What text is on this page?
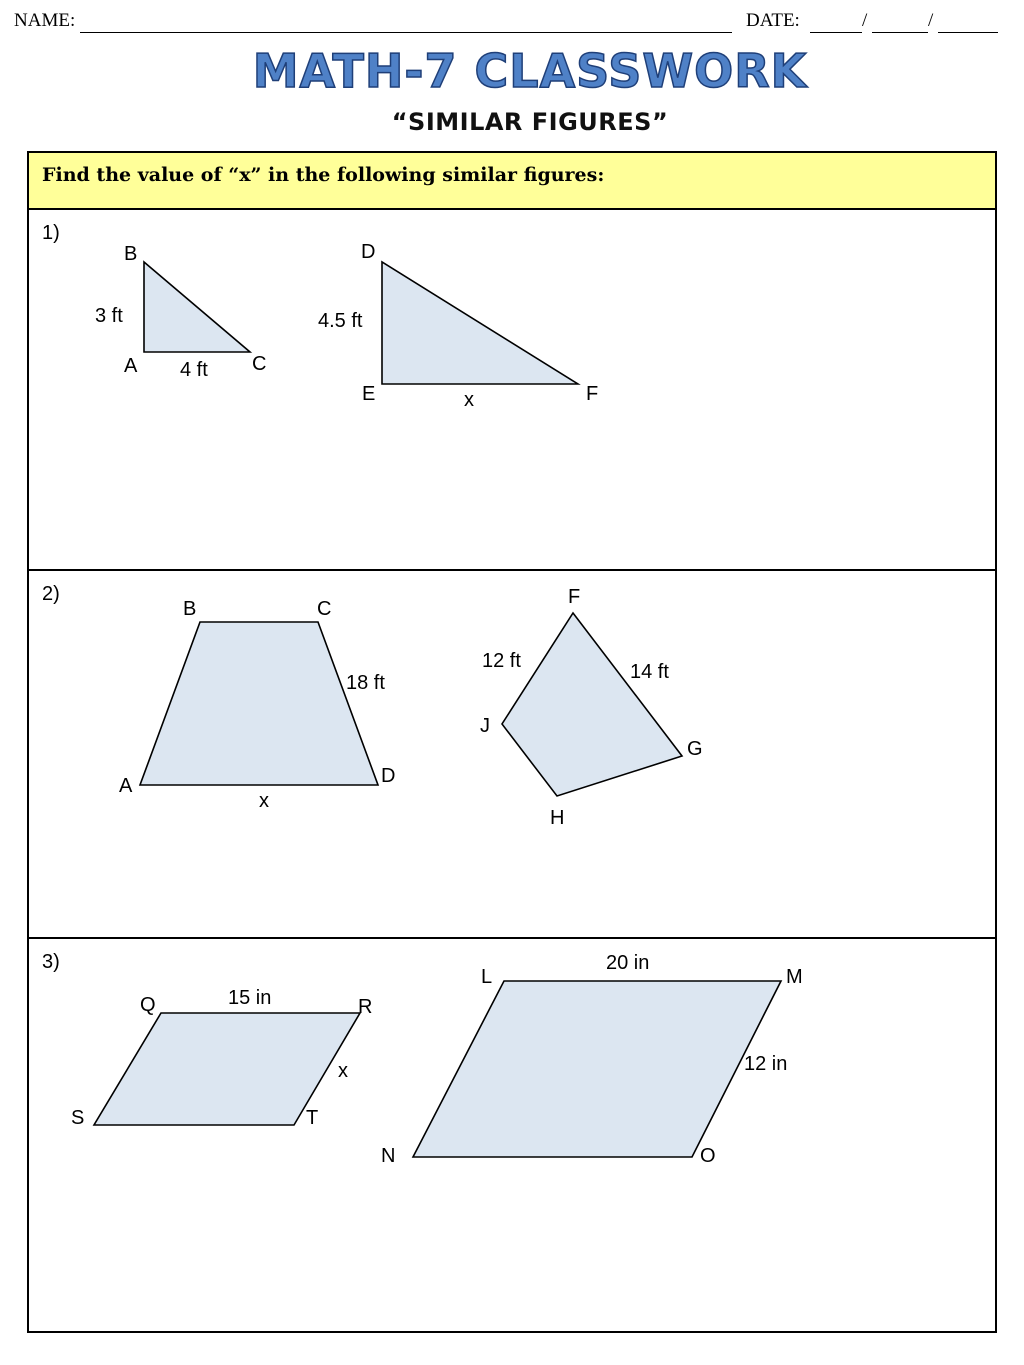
NAME:	DATE:	/	/
MATH-7 CLASSWORK
“SIMILAR FIGURES”
Find the value of “x” in the following similar figures:
1)
B
A	C
3 ft
4 ft
D
E	F
4.5 ft
x
2)
B	C
A	D
18 ft
x
F
J
G
H
12 ft	14 ft
3)
Q	R
S	T
15 in
x
L	M
N	O
20 in
12 in
